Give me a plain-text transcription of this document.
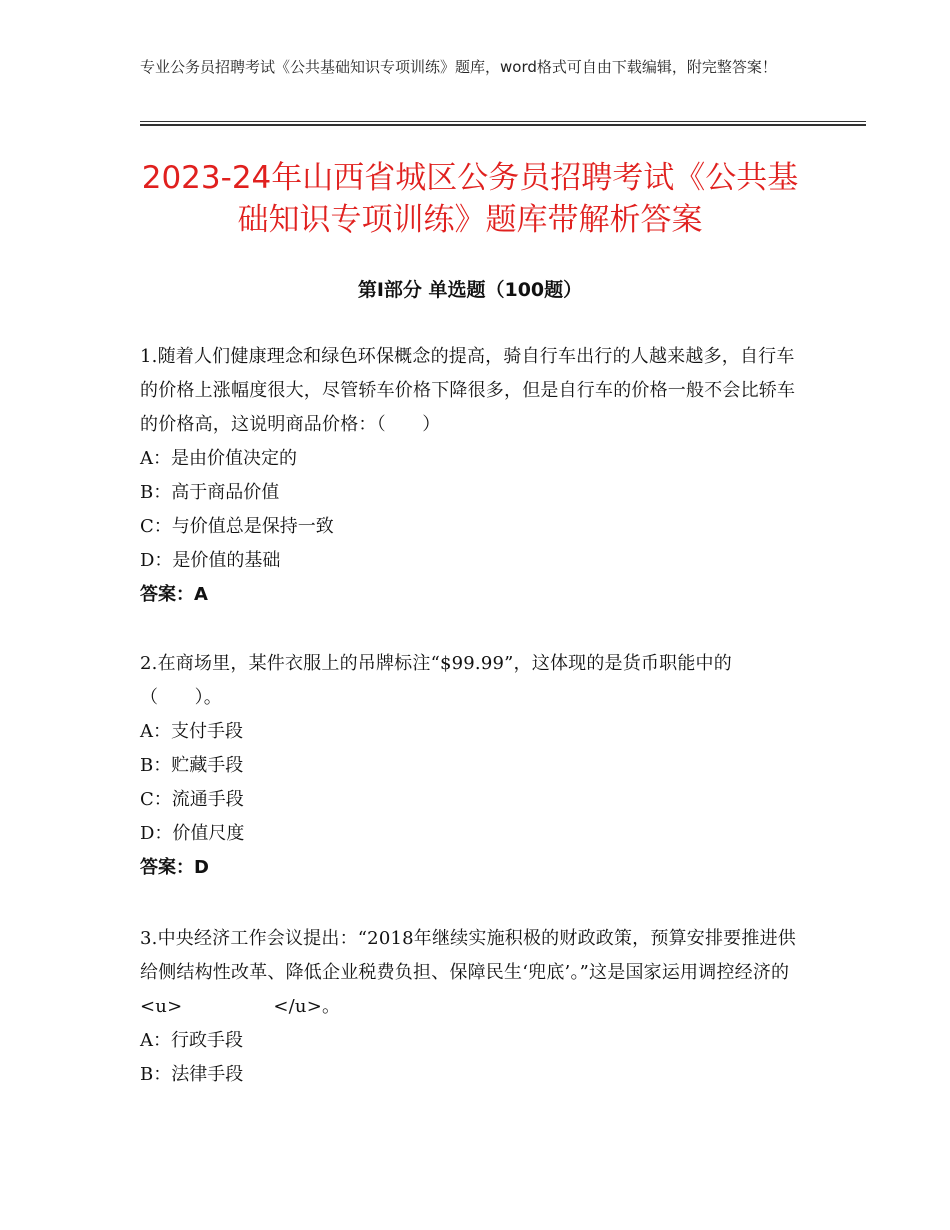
专业公务员招聘考试《公共基础知识专项训练》题库，word格式可自由下载编辑，附完整答案！
2023-24年山西省城区公务员招聘考试《公共基础知识专项训练》题库带解析答案
第Ⅰ部分 单选题（100题）
1.随着人们健康理念和绿色环保概念的提高，骑自行车出行的人越来越多，自行车的价格上涨幅度很大，尽管轿车价格下降很多，但是自行车的价格一般不会比轿车的价格高，这说明商品价格：（　　）
A：是由价值决定的
B：高于商品价值
C：与价值总是保持一致
D：是价值的基础
答案：A
2.在商场里，某件衣服上的吊牌标注“$99.99”，这体现的是货币职能中的（　　）。
A：支付手段
B：贮藏手段
C：流通手段
D：价值尺度
答案：D
3.中央经济工作会议提出：“2018年继续实施积极的财政政策，预算安排要推进供给侧结构性改革、降低企业税费负担、保障民生‘兜底’。”这是国家运用调控经济的<u>　　　　　</u>。
A：行政手段
B：法律手段
